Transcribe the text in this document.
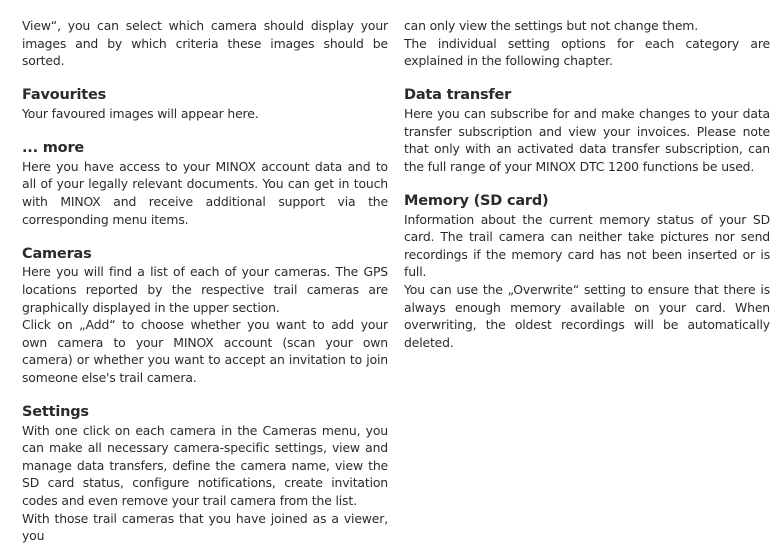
View“, you can select which camera should display your images and by which criteria these images should be sorted.

Favourites

Your favoured images will appear here.

... more

Here you have access to your MINOX account data and to all of your legally relevant documents. You can get in touch with MINOX and receive additional support via the corresponding menu items.

Cameras

Here you will find a list of each of your cameras. The GPS locations reported by the respective trail cameras are graphically displayed in the upper section.

Click on „Add“ to choose whether you want to add your own camera to your MINOX account (scan your own camera) or whether you want to accept an invitation to join someone else's trail camera.

Settings

With one click on each camera in the Cameras menu, you can make all necessary camera-specific settings, view and manage data transfers, define the camera name, view the SD card status, configure notifications, create invitation codes and even remove your trail camera from the list.

With those trail cameras that you have joined as a viewer, you

can only view the settings but not change them.

The individual setting options for each category are explained in the following chapter.

Data transfer

Here you can subscribe for and make changes to your data transfer subscription and view your invoices. Please note that only with an activated data transfer subscription, can the full range of your MINOX DTC 1200 functions be used.

Memory (SD card)

Information about the current memory status of your SD card. The trail camera can neither take pictures nor send recordings if the memory card has not been inserted or is full.

You can use the „Overwrite“ setting to ensure that there is always enough memory available on your card. When overwriting, the oldest recordings will be automatically deleted.
